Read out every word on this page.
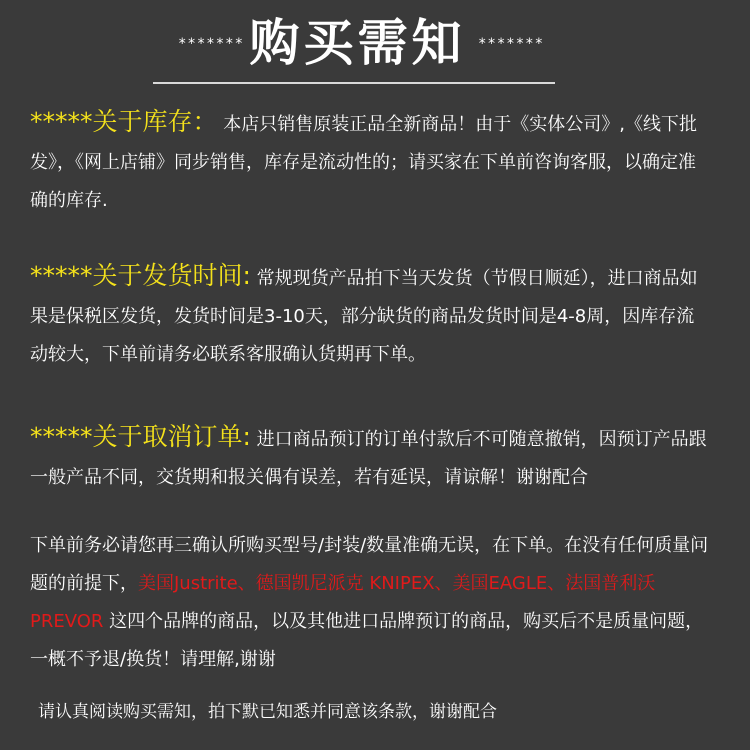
******* 购买需知 *******
*****关于库存： 本店只销售原装正品全新商品！由于《实体公司》,《线下批发》，《网上店铺》同步销售，库存是流动性的；请买家在下单前咨询客服，以确定准确的库存.
*****关于发货时间: 常规现货产品拍下当天发货（节假日顺延），进口商品如果是保税区发货，发货时间是3-10天，部分缺货的商品发货时间是4-8周，因库存流动较大，下单前请务必联系客服确认货期再下单。
*****关于取消订单: 进口商品预订的订单付款后不可随意撤销，因预订产品跟一般产品不同，交货期和报关偶有误差，若有延误，请谅解！谢谢配合
下单前务必请您再三确认所购买型号/封装/数量准确无误，在下单。在没有任何质量问题的前提下，美国Justrite、德国凯尼派克 KNIPEX、美国EAGLE、法国普利沃PREVOR 这四个品牌的商品，以及其他进口品牌预订的商品，购买后不是质量问题，一概不予退/换货！请理解,谢谢
请认真阅读购买需知，拍下默已知悉并同意该条款，谢谢配合
